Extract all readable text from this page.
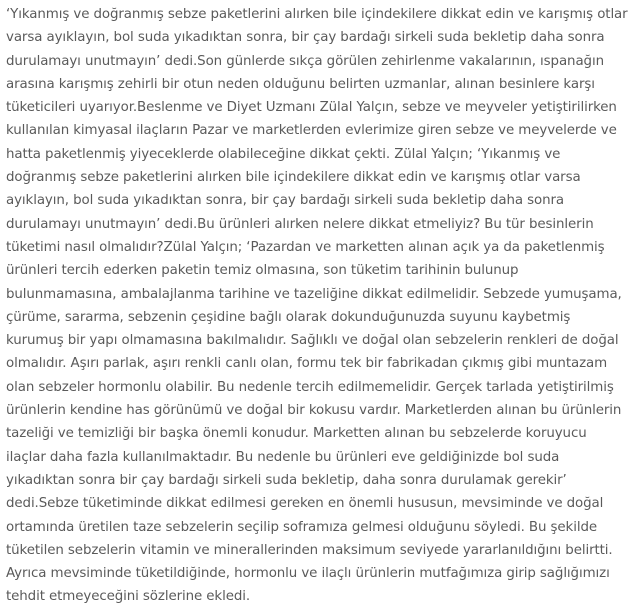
‘Yıkanmış ve doğranmış sebze paketlerini alırken bile içindekilere dikkat edin ve karışmış otlar varsa ayıklayın, bol suda yıkadıktan sonra, bir çay bardağı sirkeli suda bekletip daha sonra durulamayı unutmayın’ dedi.Son günlerde sıkça görülen zehirlenme vakalarının, ıspanağın arasına karışmış zehirli bir otun neden olduğunu belirten uzmanlar, alınan besinlere karşı tüketicileri uyarıyor.Beslenme ve Diyet Uzmanı Zülal Yalçın, sebze ve meyveler yetiştirilirken kullanılan kimyasal ilaçların Pazar ve marketlerden evlerimize giren sebze ve meyvelerde ve hatta paketlenmiş yiyeceklerde olabileceğine dikkat çekti. Zülal Yalçın; ‘Yıkanmış ve doğranmış sebze paketlerini alırken bile içindekilere dikkat edin ve karışmış otlar varsa ayıklayın, bol suda yıkadıktan sonra, bir çay bardağı sirkeli suda bekletip daha sonra durulamayı unutmayın’ dedi.Bu ürünleri alırken nelere dikkat etmeliyiz? Bu tür besinlerin tüketimi nasıl olmalıdır?Zülal Yalçın; ‘Pazardan ve marketten alınan açık ya da paketlenmiş ürünleri tercih ederken paketin temiz olmasına, son tüketim tarihinin bulunup bulunmamasına, ambalajlanma tarihine ve tazeliğine dikkat edilmelidir. Sebzede yumuşama, çürüme, sararma, sebzenin çeşidine bağlı olarak dokunduğunuzda suyunu kaybetmiş kurumuş bir yapı olmamasına bakılmalıdır. Sağlıklı ve doğal olan sebzelerin renkleri de doğal olmalıdır. Aşırı parlak, aşırı renkli canlı olan, formu tek bir fabrikadan çıkmış gibi muntazam olan sebzeler hormonlu olabilir. Bu nedenle tercih edilmemelidir. Gerçek tarlada yetiştirilmiş ürünlerin kendine has görünümü ve doğal bir kokusu vardır. Marketlerden alınan bu ürünlerin tazeliği ve temizliği bir başka önemli konudur. Marketten alınan bu sebzelerde koruyucu ilaçlar daha fazla kullanılmaktadır. Bu nedenle bu ürünleri eve geldiğinizde bol suda yıkadıktan sonra bir çay bardağı sirkeli suda bekletip, daha sonra durulamak gerekir’ dedi.Sebze tüketiminde dikkat edilmesi gereken en önemli hususun, mevsiminde ve doğal ortamında üretilen taze sebzelerin seçilip soframıza gelmesi olduğunu söyledi. Bu şekilde tüketilen sebzelerin vitamin ve minerallerinden maksimum seviyede yararlanıldığını belirtti. Ayrıca mevsiminde tüketildiğinde, hormonlu ve ilaçlı ürünlerin mutfağımıza girip sağlığımızı tehdit etmeyeceğini sözlerine ekledi.
